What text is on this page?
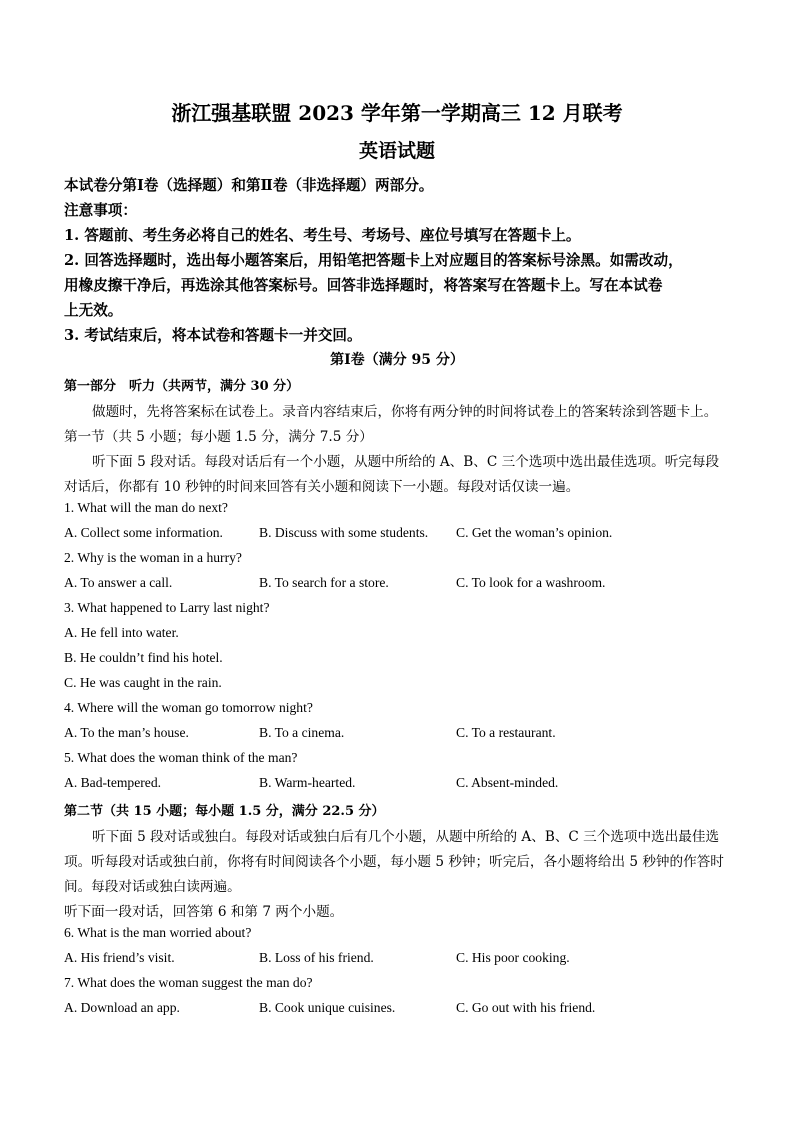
浙江强基联盟 2023 学年第一学期高三 12 月联考
英语试题
本试卷分第Ⅰ卷（选择题）和第Ⅱ卷（非选择题）两部分。
注意事项：
1. 答题前、考生务必将自己的姓名、考生号、考场号、座位号填写在答题卡上。
2. 回答选择题时，选出每小题答案后，用铅笔把答题卡上对应题目的答案标号涂黑。如需改动，
用橡皮擦干净后，再选涂其他答案标号。回答非选择题时，将答案写在答题卡上。写在本试卷
上无效。
3. 考试结束后，将本试卷和答题卡一并交回。
第Ⅰ卷（满分 95 分）
第一部分　听力（共两节，满分 30 分）
做题时，先将答案标在试卷上。录音内容结束后，你将有两分钟的时间将试卷上的答案转涂到答题卡上。
第一节（共 5 小题；每小题 1.5 分，满分 7.5 分）
听下面 5 段对话。每段对话后有一个小题，从题中所给的 A、B、C 三个选项中选出最佳选项。听完每段
对话后，你都有 10 秒钟的时间来回答有关小题和阅读下一小题。每段对话仅读一遍。
1. What will the man do next?
A. Collect some information.	B. Discuss with some students. C. Get the woman’s opinion.
2. Why is the woman in a hurry?
A. To answer a call.	B. To search for a store.	C. To look for a washroom.
3. What happened to Larry last night?
A. He fell into water.
B. He couldn’t find his hotel.
C. He was caught in the rain.
4. Where will the woman go tomorrow night?
A. To the man’s house.	B. To a cinema.	C. To a restaurant.
5. What does the woman think of the man?
A. Bad-tempered.	B. Warm-hearted.	C. Absent-minded.
第二节（共 15 小题；每小题 1.5 分，满分 22.5 分）
听下面 5 段对话或独白。每段对话或独白后有几个小题，从题中所给的 A、B、C 三个选项中选出最佳选
项。听每段对话或独白前，你将有时间阅读各个小题，每小题 5 秒钟；听完后，各小题将给出 5 秒钟的作答时
间。每段对话或独白读两遍。
听下面一段对话，回答第 6 和第 7 两个小题。
6. What is the man worried about?
A. His friend’s visit.	B. Loss of his friend.	C. His poor cooking.
7. What does the woman suggest the man do?
A. Download an app.	B. Cook unique cuisines.	C. Go out with his friend.
